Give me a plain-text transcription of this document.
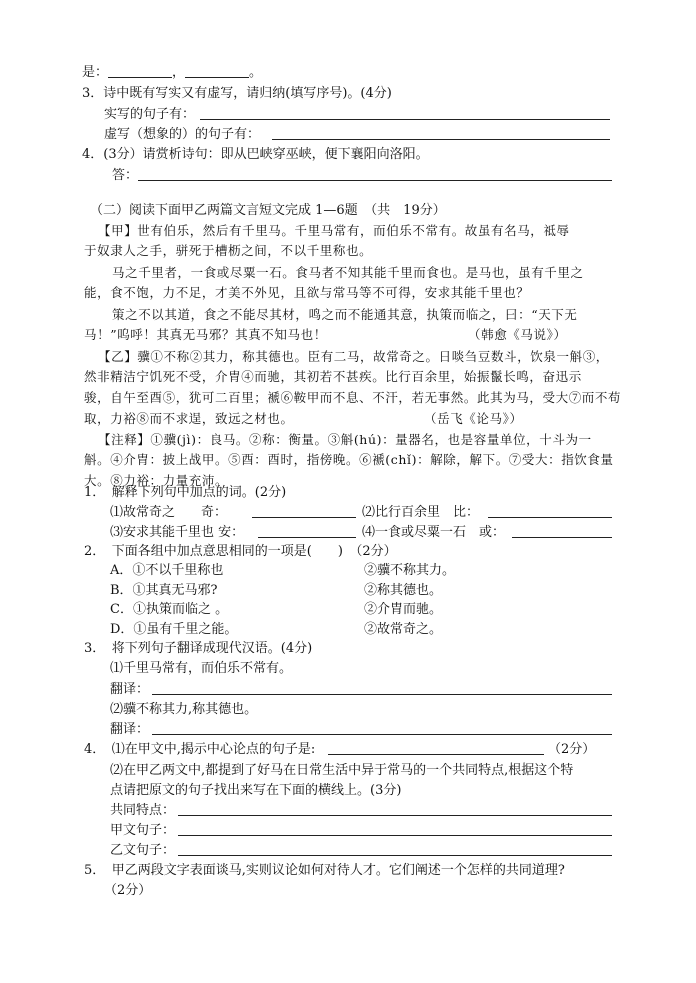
是：	，	。
3．诗中既有写实又有虚写，请归纳(填写序号)。(4分)
实写的句子有：
虚写（想象的）的句子有：
4．(3分）请赏析诗句：即从巴峡穿巫峡，便下襄阳向洛阳。
答：
（二）阅读下面甲乙两篇文言短文完成 1—6题　（共　19分）
【甲】世有伯乐，然后有千里马。千里马常有，而伯乐不常有。故虽有名马，祗辱
于奴隶人之手，骈死于槽枥之间，不以千里称也。
马之千里者，一食或尽粟一石。食马者不知其能千里而食也。是马也，虽有千里之
能，食不饱，力不足，才美不外见，且欲与常马等不可得，安求其能千里也？
策之不以其道，食之不能尽其材，鸣之而不能通其意，执策而临之，曰：“天下无
马！”呜呼！其真无马邪？其真不知马也！	（韩愈《马说》）
【乙】骥①不称②其力，称其德也。臣有二马，故常奇之。日啖刍豆数斗，饮泉一斛③，
然非精洁宁饥死不受，介胄④而驰，其初若不甚疾。比行百余里，始振鬣长鸣，奋迅示
骏，自午至酉⑤，犹可二百里；褫⑥鞍甲而不息、不汗，若无事然。此其为马，受大⑦而不苟
取，力裕⑧而不求逞，致远之材也。	（岳飞《论马》）
【注释】①骥(jì)：良马。②称：衡量。③斛(hú)：量器名，也是容量单位，十斗为一
斛。④介胄：披上战甲。⑤酉：酉时，指傍晚。⑥褫(chǐ)：解除，解下。⑦受大：指饮食量
大。⑧力裕：力量充沛。
1．　解释下列句中加点的词。(2分)
⑴故常奇之　　奇：	⑵比行百余里　比：
⑶安求其能千里也 安：	⑷一食或尽粟一石　或：
2．　下面各组中加点意思相同的一项是(　　)　（2分）
A．①不以千里称也	②骥不称其力。
B．①其真无马邪?	②称其德也。
C．①执策而临之 。	②介胄而驰。
D．①虽有千里之能。	②故常奇之。
3．　将下列句子翻译成现代汉语。(4分)
⑴千里马常有，而伯乐不常有。
翻译：
⑵骥不称其力,称其德也。
翻译：
4．　⑴在甲文中,揭示中心论点的句子是:	（2分）
⑵在甲乙两文中,都提到了好马在日常生活中异于常马的一个共同特点,根据这个特
点请把原文的句子找出来写在下面的横线上。(3分)
共同特点：
甲文句子：
乙文句子：
5．　甲乙两段文字表面谈马,实则议论如何对待人才。它们阐述一个怎样的共同道理?
（2分）
